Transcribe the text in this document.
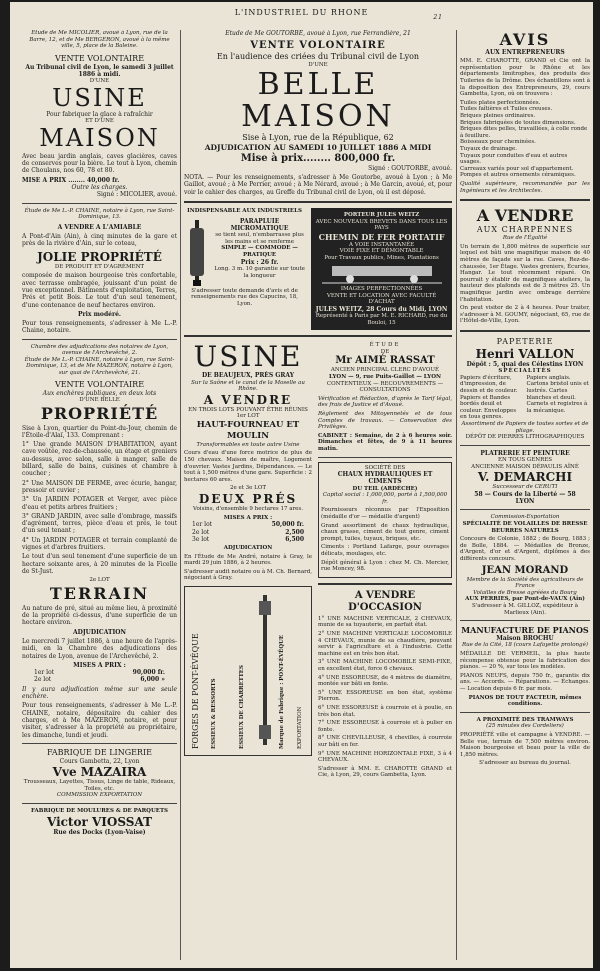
L'INDUSTRIEL DU RHONE
21
Étude de Me MICOLIER, avoué à Lyon, rue de la Barre, 12, et de Me BERGERON, avoué à la même ville, 5, place de la Baleine.
VENTE VOLONTAIRE
Au Tribunal civil de Lyon, le samedi 3 juillet 1886 à midi.
D'UNE
USINE
Pour fabriquer la glace à rafraîchir
ET D'UNE
MAISON

Avec beau jardin anglais, caves glacières, caves de conserves pour la bière. Le tout à Lyon, chemin de Choulans, nos 60, 78 et 80.

MISE A PRIX ........ 40,000 fr.
Outre les charges.
Signé : MICOLIER, avoué.
Étude de Me L.-P. CHAINE, notaire à Lyon, rue Saint-Dominique, 13.
A VENDRE A L'AMIABLE

A Pont-d'Ain (Ain), à cinq minutes de la gare et près de la rivière d'Ain, sur le coteau,

JOLIE PROPRIÉTÉ
DE PRODUIT ET D'AGRÉMENT

composée de maison bourgeoise très confortable, avec terrasse ombragée, jouissant d'un point de vue exceptionnel. Bâtiments d'exploitation, Terres, Prés et petit Bois. Le tout d'un seul tenement, d'une contenance de neuf hectares environ.

Prix modéré.

Pour tous renseignements, s'adresser à Me L.-P. Chaine, notaire.

Chambre des adjudications des notaires de Lyon, avenue de l'Archevêché, 2.
Étude de Me L.-P. CHAINE, notaire à Lyon, rue Saint-Dominique, 13, et de Me MAZERON, notaire à Lyon, sur quai de l'Archevêché, 21.
VENTE VOLONTAIRE
Aux enchères publiques, en deux lots
D'UNE BELLE
PROPRIÉTÉ

Sise à Lyon, quartier du Point-du-Jour, chemin de l'Étoile-d'Alaï, 133. Comprenant :

1° Une grande MAISON D'HABITATION, ayant cave voûtée, rez-de-chaussée, un étage et greniers au-dessus, avec salon, salle à manger, salle de billard, salle de bains, cuisines et chambre à coucher ;

2° Une MAISON DE FERME, avec écurie, hangar, pressoir et cuvier ;

3° Un JARDIN POTAGER et Verger, avec pièce d'eau et petits arbres fruitiers ;

3° GRAND JARDIN, avec salle d'ombrage, massifs d'agrément, terres, pièce d'eau et prés, le tout d'un seul tenant ;

4° Un JARDIN POTAGER et terrain complanté de vignes et d'arbres fruitiers.

Le tout d'un seul tenement d'une superficie de un hectare soixante ares, à 20 minutes de la Ficelle de St-Just.

2e LOT
TERRAIN

Au nature de pré, situé au même lieu, à proximité de la propriété ci-dessus, d'une superficie de un hectare environ.

ADJUDICATION

Le mercredi 7 juillet 1886, à une heure de l'après-midi, en la Chambre des adjudications des notaires de Lyon, avenue de l'Archevêché, 2.

MISES A PRIX :
1er lot	90,000 fr.
2e lot	6,000 »

Il y aura adjudication même sur une seule enchère.

Pour tous renseignements, s'adresser à Me L.-P. CHAINE, notaire, dépositaire du cahier des charges, et à Me MAZERON, notaire, et pour visiter, s'adresser à la propriété au propriétaire, les dimanche, lundi et jeudi.

FABRIQUE DE LINGERIE
Cours Gambetta, 22, Lyon
Vve MAZAIRA
Trousseaux, Layettes, Tissus, Linge de table, Rideaux, Toiles, etc.
COMMISSION EXPORTATION
FABRIQUE DE MOULURES & DE PARQUETS
Victor VIOSSAT
Rue des Docks (Lyon-Vaise)
Étude de Me GOUTORBE, avoué à Lyon, rue Ferrandière, 21
VENTE VOLONTAIRE
En l'audience des criées du Tribunal civil de Lyon
D'UNE
BELLE MAISON
Sise à Lyon, rue de la République, 62
ADJUDICATION AU SAMEDI 10 JUILLET 1886 A MIDI
Mise à prix........ 800,000 fr.
Signé : GOUTORBE, avoué.

NOTA. — Pour les renseignements, s'adresser à Me Goutorbe, avoué à Lyon ; à Me Gaillot, avoué ; à Me Perrier, avoué ; à Me Nérard, avoué ; à Me Garcin, avoué, et, pour voir le cahier des charges, au Greffe du Tribunal civil de Lyon, où il est déposé.

INDISPENSABLE AUX INDUSTRIELS
PARAPLUIE MICROMATIQUE
se tient seul, n'embarrasse plus les mains et se renferme
SIMPLE — COMMODE — PRATIQUE
Prix : 26 fr.
Long. 3 m. 10 garantie sur toute la longueur
S'adresser toute demande d'avis et de renseignements rue des Capucins, 18, Lyon.
PORTEUR JULES WEITZ
AVEC NOUVEAUX BREVETS DANS TOUS LES PAYS
CHEMIN DE FER PORTATIF
A VOIE INSTANTANÉE
VOIE FIXE ET DÉMONTABLE
Pour Travaux publics, Mines, Plantations
IMAGES PERFECTIONNÉES
VENTE ET LOCATION AVEC FACULTÉ D'ACHAT
JULES WEITZ, 28 Cours du Midi, LYON
Représenté à Paris par M. E. RICHARD, rue du Bouloi, 15
USINE
DE BEAUJEUX, PRÈS GRAY
Sur la Saône et le canal de la Moselle au Rhône.
A VENDRE
EN TROIS LOTS POUVANT ÊTRE RÉUNIS
1er LOT
HAUT-FOURNEAU ET MOULIN
Transformables en toute autre Usine

Cours d'eau d'une force motrice de plus de 150 chevaux. Maison de maître, Logement d'ouvrier. Vastes Jardins, Dépendances. — Le tout à 1,500 mètres d'une gare. Superficie : 2 hectares 60 ares.

2e et 3e LOT
DEUX PRÉS
Voisins, d'ensemble 9 hectares 17 ares.
MISES A PRIX :
1er lot	50,000 fr.
2e lot	2,500
3e lot	6,500
ADJUDICATION

En l'Étude de Me André, notaire à Gray, le mardi 29 juin 1886, à 2 heures.

S'adresser audit notaire ou à M. Ch. Bernard, négociant à Gray.

FORGES DE PONT-ÉVÊQUE ESSIEUX & RESSORTS	ESSIEUX DE CHARRETTES	Marque de Fabrique : PONT-ÉVÊQUE EXPORTATION
ÉTUDE
DE
Mr AIMÉ RASSAT
ANCIEN PRINCIPAL CLERC D'AVOUÉ
LYON — 9, rue Puits-Gaillot — LYON
CONTENTIEUX — RECOUVREMENTS — CONSULTATIONS

Vérification et Rédaction, d'après le Tarif légal, des frais de Justice et d'Avoué.

Règlement des Mitoyennetés et de tous Comptes de travaux. — Conservation des Privilèges.

CABINET : Semaine, de 2 à 6 heures soir. Dimanches et fêtes, de 9 à 11 heures matin.

SOCIÉTÉ DES
CHAUX HYDRAULIQUES ET CIMENTS
DU TEIL (ARDÈCHE)
Capital social : 1,000,000, porté à 1,500,000 fr.

Fournisseurs réconnus par l'Exposition (médaille d'or — médaille d'argent)

Grand assortiment de chaux hydraulique, chaux grasse, ciment de tout genre, ciment prompt, tuiles, tuyaux, briques, etc.

Ciments : Portland Lafarge, pour ouvrages délicats, moulages, etc.

Dépôt général à Lyon : chez M. Ch. Mercier, rue Moncey, 98.

A VENDRE D'OCCASION

1° UNE MACHINE VERTICALE, 2 CHEVAUX, munie de sa tuyauterie, en parfait état.

2° UNE MACHINE VERTICALE LOCOMOBILE 4 CHEVAUX, munie de sa chaudière, pouvant servir à l'agriculture et à l'industrie. Cette machine est en très bon état.

3° UNE MACHINE LOCOMOBILE SEMI-FIXE, en excellent état, force 6 chevaux.

4° UNE ESSOREUSE, de 4 mètres de diamètre, montée sur bâti en fonte.

5° UNE ESSOREUSE en bon état, système Pierron.

6° UNE ESSOREUSE à courroie et à poulie, en très bon état.

7° UNE ESSOREUSE à courroie et à pulier en fonte.

8° UNE CHEVILLEUSE, 4 chevilles, à courroie sur bâti en fer.

9° UNE MACHINE HORIZONTALE FIXE, 3 à 4 CHEVAUX.

S'adresser à MM. E. CHAROTTE GRAND et Cie, à Lyon, 29, cours Gambetta, Lyon.

AVIS
AUX ENTREPRENEURS

MM. E. CHAROTTE, GRAND et Cie ont la représentation pour le Rhône et les départements limitrophes, des produits des Tuileries de la Drôme. Des échantillons sont à la disposition des Entrepreneurs, 29, cours Gambetta, Lyon, où on trouvera :

Tuiles plates perfectionnées.
Tuiles faîtières et Tuiles creuses.
Briques pleines ordinaires.
Briques fabriquées de toutes dimensions.
Briques dites pelles, travaillées, à colle ronde à feuillure.
Boisseaux pour cheminées.
Tuyaux de drainage.
Tuyaux pour conduites d'eau et autres usages.
Carreaux variés pour sol d'appartement.
Pompes et autres ornements céramiques.

Qualité supérieure, recommandée par les Ingénieurs et les Architectes.

A VENDRE
AUX CHARPENNES
Rue de l'Égalité

Un terrain de 1,800 mètres de superficie sur lequel est bâti une magnifique maison de 40 mètres de façade sur la rue. Caves, Rez-de-chaussée, 1er Étage. Vastes greniers, Écuries, Hangar. Le tout récemment réparé. On pourrait y établir de magnifiques ateliers, la hauteur des plafonds est de 3 mètres 25. Un magnifique jardin avec ombrage derrière l'habitation.

On peut visiter de 2 à 4 heures. Pour traiter, s'adresser à M. GOUMY, négociant, 65, rue de l'Hôtel-de-Ville, Lyon.

PAPETERIE
Henri VALLON
Dépôt : 5, quai des Célestins LYON
SPÉCIALITÉS
Papiers d'écriture, d'impression, de dessin et de couleur. Papiers et Bandes bordés deuil et couleur. Enveloppes en tous genres.
Papiers anglais. Cartons bristol unis et lustrés. Cartes blanches et deuil. Carnets et registres à la mécanique.
Assortiment de Papiers de toutes sortes et de pliage.
DÉPÔT DE PIERRES LITHOGRAPHIQUES
PLATRERIE ET PEINTURE
EN TOUS GENRES
ANCIENNE MAISON DÉPAULIS AÎNÉ
V. DEMARCHI
Successeur de CERUTI
58 — Cours de la Liberté — 58
LYON
Commission-Exportation
SPÉCIALITÉ DE VOLAILLES DE BRESSE
BEURRES NATURELS

Concours de Colonie, 1882 ; de Bourg, 1883 ; de Bolle, 1884. — Médailles de Bronze, d'Argent, d'or et d'Argent, diplômes à des différents concours.

JEAN MORAND
Membre de la Société des agriculteurs de France
Volailles de Bresse agréées du Bourg
AUX PERRIES, par Pont-de-VAUX (Ain)
S'adresser à M. GILLOZ, expéditeur à Marlieux (Ain).
MANUFACTURE DE PIANOS
Maison BROCHU
Rue de la Cité, 18 (cours Lafayette prolongé)

MÉDAILLE DE VERMEIL, la plus haute récompense obtenue pour la fabrication des pianos. — 20 %, sur tous les modèles.

PIANOS NEUFS, depuis 750 fr., garantis dix ans. — Accords. — Réparations. — Échanges. — Location depuis 6 fr. par mois.

PIANOS DE TOUT FACTEUR, mêmes conditions.
A PROXIMITÉ DES TRAMWAYS
(25 minutes des Cordeliers)

PROPRIÉTÉ ville et campagne à VENDRE. — Belle vue, terrain de 7,500 mètres environ. Maison bourgeoise et beau pour la ville de 1,850 mètres.

S'adresser au bureau du journal.
